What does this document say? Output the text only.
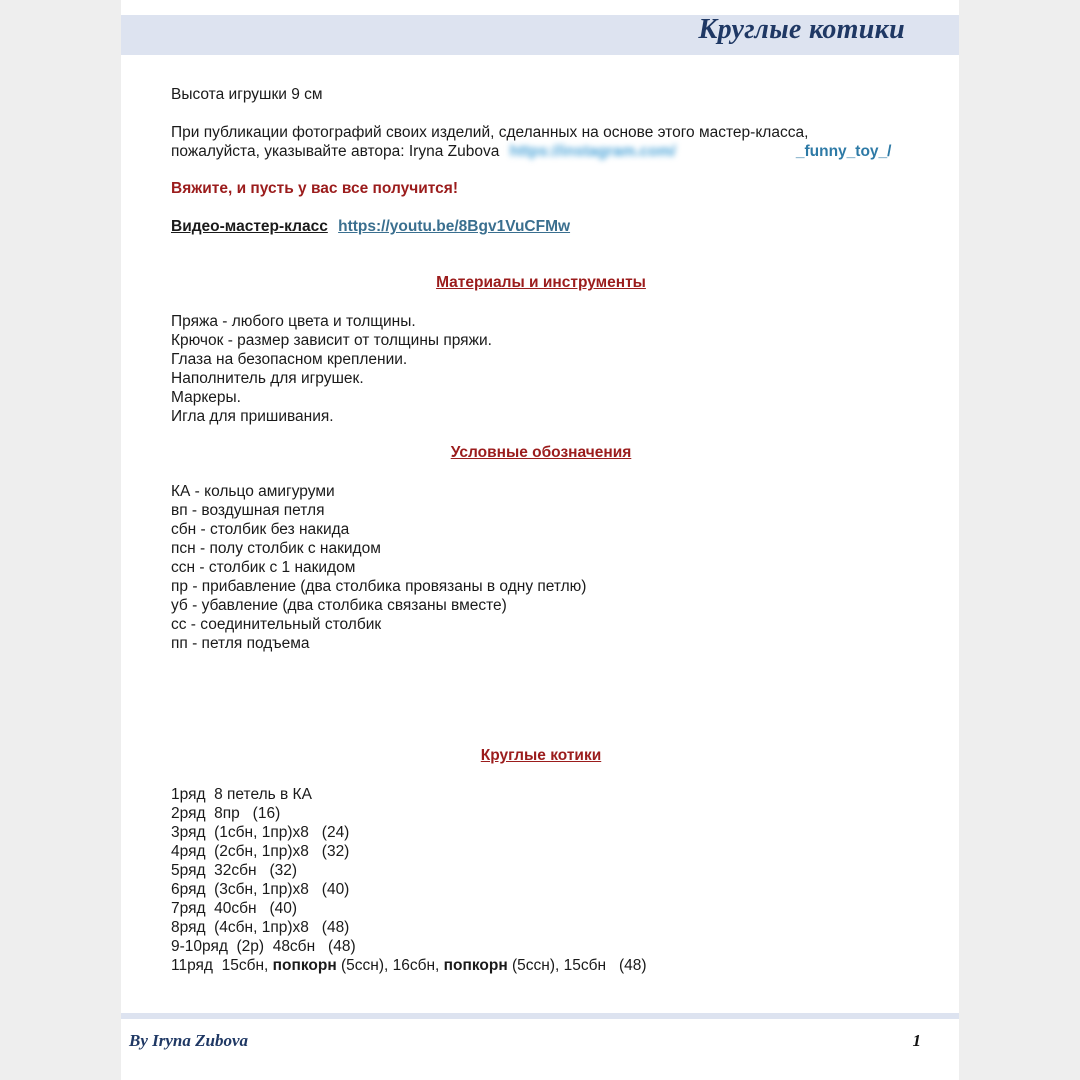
Круглые котики
Высота игрушки 9 см
При публикации фотографий своих изделий, сделанных на основе этого мастер-класса,
пожалуйста, указывайте автора: Iryna Zubova https://instagram.com/	_funny_toy_/
Вяжите, и пусть у вас все получится!
Видео-мастер-класс https://youtu.be/8Bgv1VuCFMw
Материалы и инструменты
Пряжа - любого цвета и толщины.
Крючок - размер зависит от толщины пряжи.
Глаза на безопасном креплении.
Наполнитель для игрушек.
Маркеры.
Игла для пришивания.
Условные обозначения
КА - кольцо амигуруми
вп - воздушная петля
сбн - столбик без накида
псн - полу столбик с накидом
ссн - столбик с 1 накидом
пр - прибавление (два столбика провязаны в одну петлю)
уб - убавление (два столбика связаны вместе)
сс - соединительный столбик
пп - петля подъема
Круглые котики
1ряд  8 петель в КА
2ряд  8пр   (16)
3ряд  (1сбн, 1пр)х8   (24)
4ряд  (2сбн, 1пр)х8   (32)
5ряд  32сбн   (32)
6ряд  (3сбн, 1пр)х8   (40)
7ряд  40сбн   (40)
8ряд  (4сбн, 1пр)х8   (48)
9-10ряд  (2р)  48сбн   (48)
11ряд  15сбн, попкорн (5ссн), 16сбн, попкорн (5ссн), 15сбн   (48)
By Iryna Zubova	1
